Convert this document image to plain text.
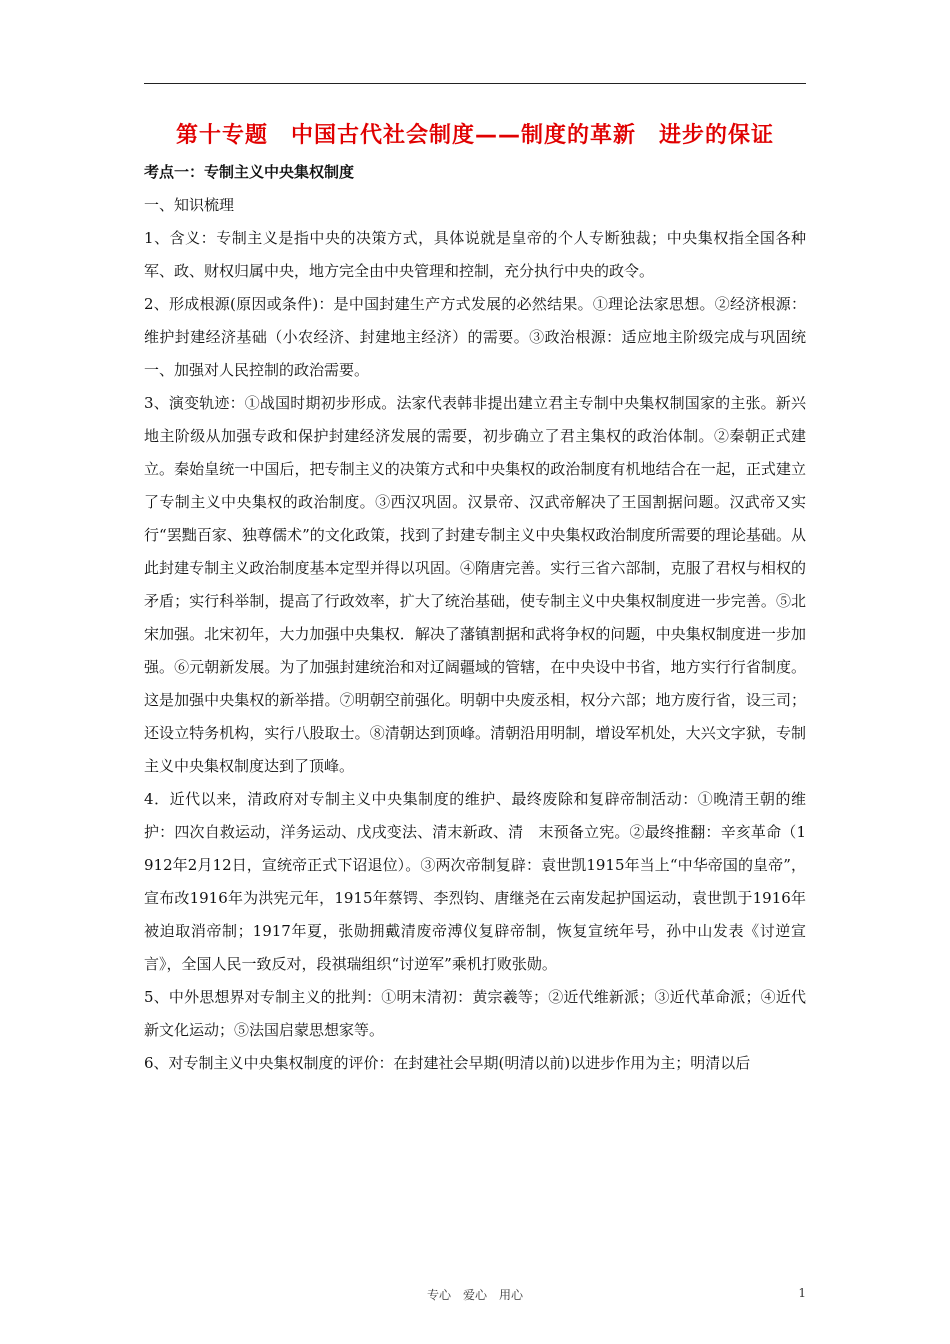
第十专题　中国古代社会制度——制度的革新　进步的保证

考点一：专制主义中央集权制度

一、知识梳理

1、含义：专制主义是指中央的决策方式，具体说就是皇帝的个人专断独裁；中央集权指全国各种军、政、财权归属中央，地方完全由中央管理和控制，充分执行中央的政令。

2、形成根源(原因或条件)：是中国封建生产方式发展的必然结果。①理论法家思想。②经济根源：维护封建经济基础（小农经济、封建地主经济）的需要。③政治根源：适应地主阶级完成与巩固统一、加强对人民控制的政治需要。

3、演变轨迹：①战国时期初步形成。法家代表韩非提出建立君主专制中央集权制国家的主张。新兴地主阶级从加强专政和保护封建经济发展的需要，初步确立了君主集权的政治体制。②秦朝正式建立。秦始皇统一中国后，把专制主义的决策方式和中央集权的政治制度有机地结合在一起，正式建立了专制主义中央集权的政治制度。③西汉巩固。汉景帝、汉武帝解决了王国割据问题。汉武帝又实行“罢黜百家、独尊儒术”的文化政策，找到了封建专制主义中央集权政治制度所需要的理论基础。从此封建专制主义政治制度基本定型并得以巩固。④隋唐完善。实行三省六部制，克服了君权与相权的矛盾；实行科举制，提高了行政效率，扩大了统治基础，使专制主义中央集权制度进一步完善。⑤北宋加强。北宋初年，大力加强中央集权．解决了藩镇割据和武将争权的问题，中央集权制度进一步加强。⑥元朝新发展。为了加强封建统治和对辽阔疆域的管辖，在中央设中书省，地方实行行省制度。这是加强中央集权的新举措。⑦明朝空前强化。明朝中央废丞相，权分六部；地方废行省，设三司；还设立特务机构，实行八股取士。⑧清朝达到顶峰。清朝沿用明制，增设军机处，大兴文字狱，专制主义中央集权制度达到了顶峰。

4．近代以来，清政府对专制主义中央集制度的维护、最终废除和复辟帝制活动：①晚清王朝的维护：四次自救运动，洋务运动、戊戌变法、清末新政、清　末预备立宪。②最终推翻：辛亥革命（1912年2月12日，宣统帝正式下诏退位）。③两次帝制复辟：袁世凯1915年当上“中华帝国的皇帝”，宣布改1916年为洪宪元年，1915年蔡锷、李烈钧、唐继尧在云南发起护国运动，袁世凯于1916年被迫取消帝制；1917年夏，张勋拥戴清废帝溥仪复辟帝制，恢复宣统年号，孙中山发表《讨逆宣言》，全国人民一致反对，段祺瑞组织“讨逆军”乘机打败张勋。

5、中外思想界对专制主义的批判：①明末清初：黄宗羲等；②近代维新派；③近代革命派；④近代新文化运动；⑤法国启蒙思想家等。

6、对专制主义中央集权制度的评价：在封建社会早期(明清以前)以进步作用为主；明清以后

专心　爱心　用心	1
